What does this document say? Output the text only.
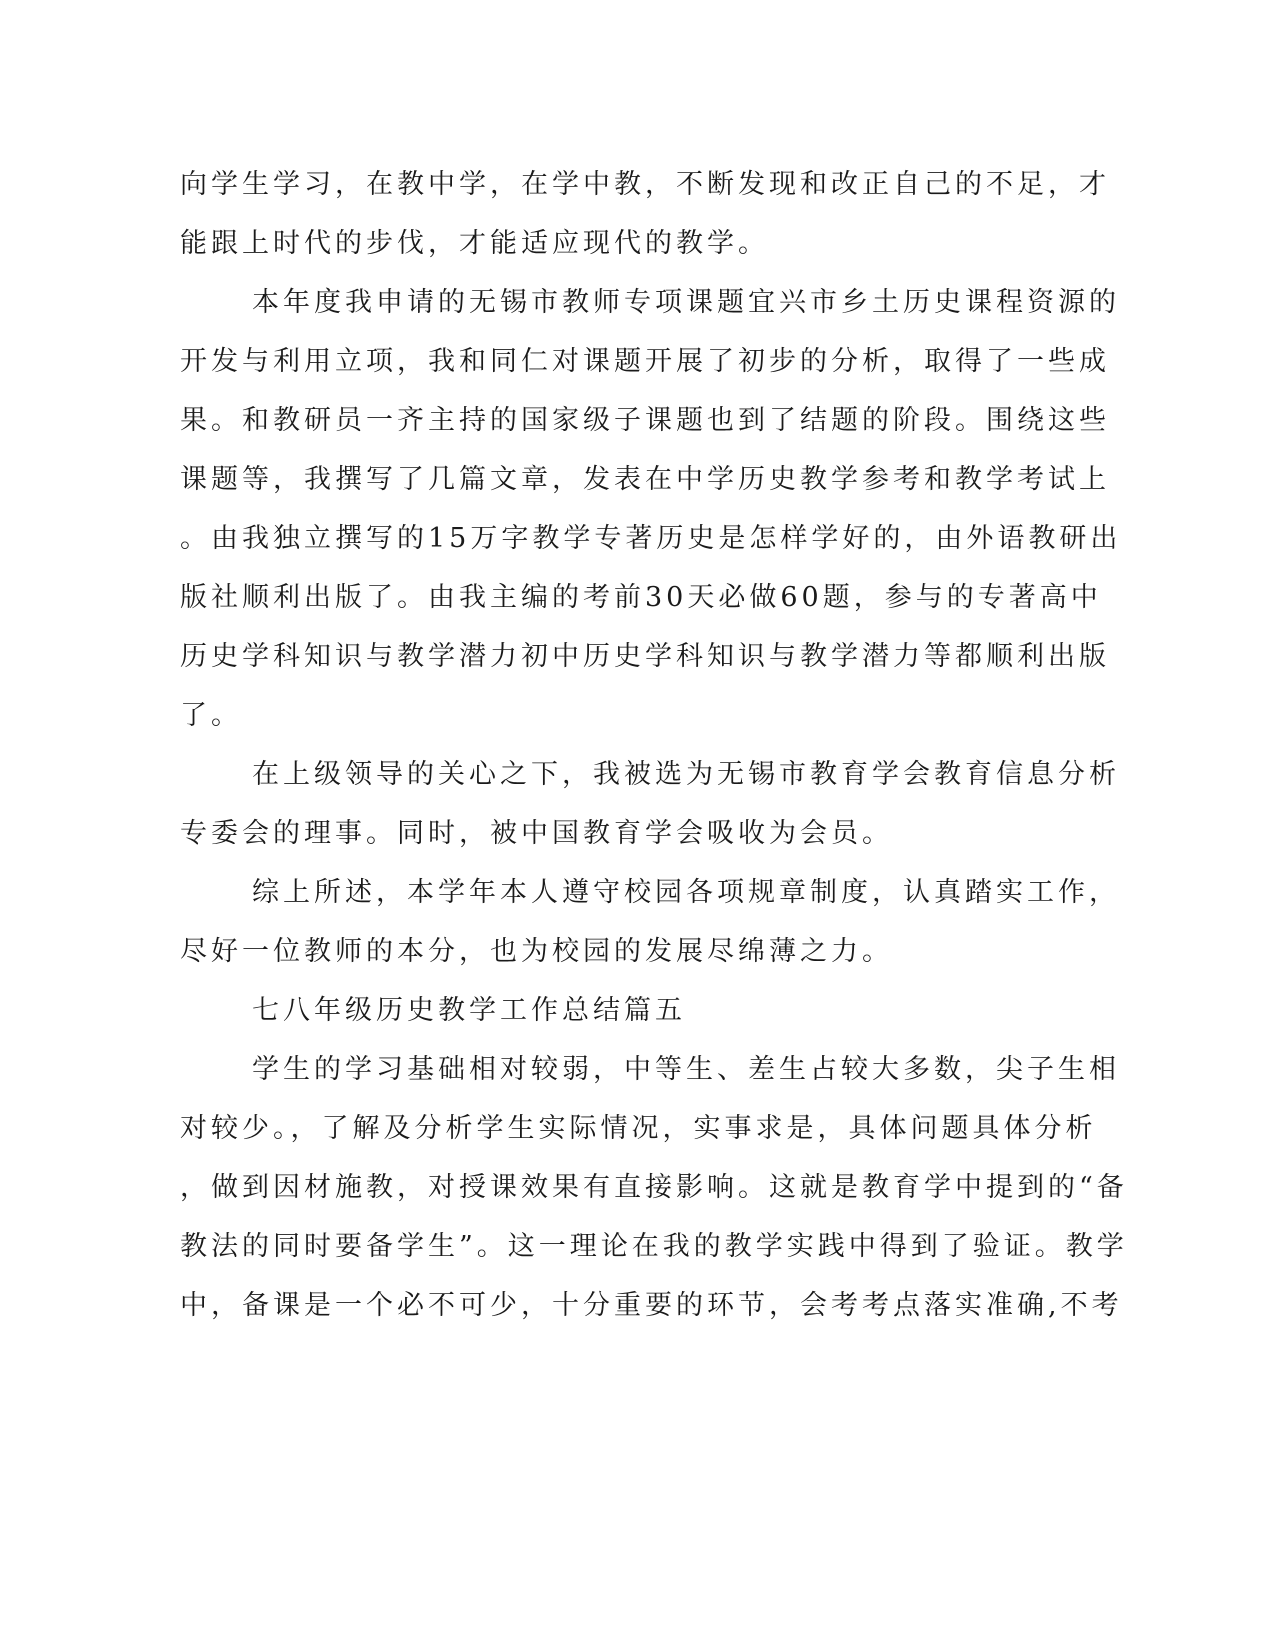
向学生学习，在教中学，在学中教，不断发现和改正自己的不足，才
能跟上时代的步伐，才能适应现代的教学。
本年度我申请的无锡市教师专项课题宜兴市乡土历史课程资源的
开发与利用立项，我和同仁对课题开展了初步的分析，取得了一些成
果。和教研员一齐主持的国家级子课题也到了结题的阶段。围绕这些
课题等，我撰写了几篇文章，发表在中学历史教学参考和教学考试上
。由我独立撰写的15万字教学专著历史是怎样学好的，由外语教研出
版社顺利出版了。由我主编的考前30天必做60题，参与的专著高中
历史学科知识与教学潜力初中历史学科知识与教学潜力等都顺利出版
了。
在上级领导的关心之下，我被选为无锡市教育学会教育信息分析
专委会的理事。同时，被中国教育学会吸收为会员。
综上所述，本学年本人遵守校园各项规章制度，认真踏实工作，
尽好一位教师的本分，也为校园的发展尽绵薄之力。
七八年级历史教学工作总结篇五
学生的学习基础相对较弱，中等生、差生占较大多数，尖子生相
对较少。，了解及分析学生实际情况，实事求是，具体问题具体分析
，做到因材施教，对授课效果有直接影响。这就是教育学中提到的“备
教法的同时要备学生”。这一理论在我的教学实践中得到了验证。教学
中，备课是一个必不可少，十分重要的环节，会考考点落实准确,不考
